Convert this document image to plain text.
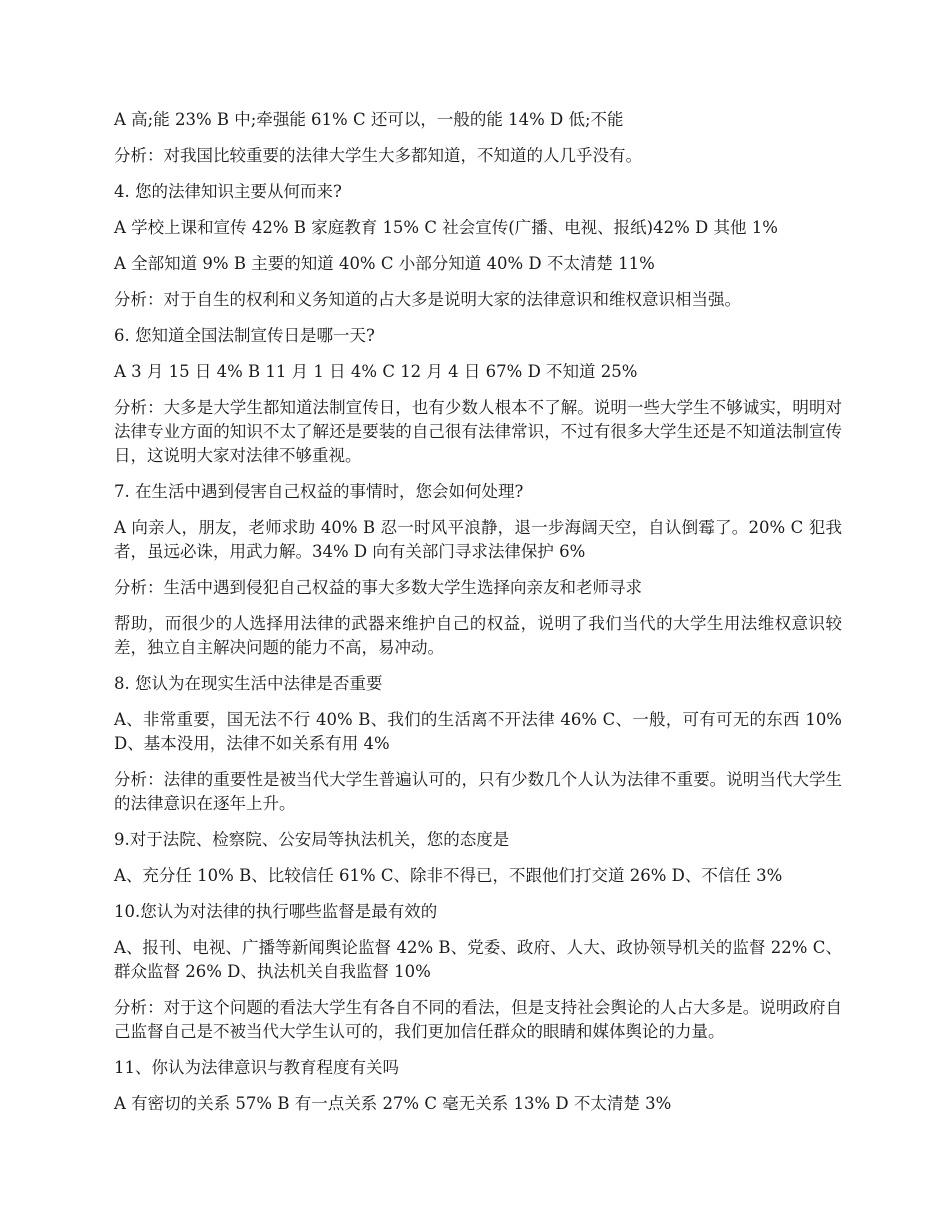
A 高;能 23% B 中;牵强能 61% C 还可以，一般的能 14% D 低;不能

分析：对我国比较重要的法律大学生大多都知道，不知道的人几乎没有。

4. 您的法律知识主要从何而来?

A 学校上课和宣传 42% B 家庭教育 15% C 社会宣传(广播、电视、报纸)42% D 其他 1%

A 全部知道 9% B 主要的知道 40% C 小部分知道 40% D 不太清楚 11%

分析：对于自生的权利和义务知道的占大多是说明大家的法律意识和维权意识相当强。

6. 您知道全国法制宣传日是哪一天?

A 3 月 15 日 4% B 11 月 1 日 4% C 12 月 4 日 67% D 不知道 25%

分析：大多是大学生都知道法制宣传日，也有少数人根本不了解。说明一些大学生不够诚实，明明对法律专业方面的知识不太了解还是要装的自己很有法律常识，不过有很多大学生还是不知道法制宣传日，这说明大家对法律不够重视。

7. 在生活中遇到侵害自己权益的事情时，您会如何处理?

A 向亲人，朋友，老师求助 40% B 忍一时风平浪静，退一步海阔天空，自认倒霉了。20% C 犯我者，虽远必诛，用武力解。34% D 向有关部门寻求法律保护 6%

分析：生活中遇到侵犯自己权益的事大多数大学生选择向亲友和老师寻求

帮助，而很少的人选择用法律的武器来维护自己的权益，说明了我们当代的大学生用法维权意识较差，独立自主解决问题的能力不高，易冲动。

8. 您认为在现实生活中法律是否重要

A、非常重要，国无法不行 40% B、我们的生活离不开法律 46% C、一般，可有可无的东西 10% D、基本没用，法律不如关系有用 4%

分析：法律的重要性是被当代大学生普遍认可的，只有少数几个人认为法律不重要。说明当代大学生的法律意识在逐年上升。

9.对于法院、检察院、公安局等执法机关，您的态度是

A、充分任 10% B、比较信任 61% C、除非不得已，不跟他们打交道 26% D、不信任 3%

10.您认为对法律的执行哪些监督是最有效的

A、报刊、电视、广播等新闻舆论监督 42% B、党委、政府、人大、政协领导机关的监督 22% C、群众监督 26% D、执法机关自我监督 10%

分析：对于这个问题的看法大学生有各自不同的看法，但是支持社会舆论的人占大多是。说明政府自己监督自己是不被当代大学生认可的，我们更加信任群众的眼睛和媒体舆论的力量。

11、你认为法律意识与教育程度有关吗

A 有密切的关系 57% B 有一点关系 27% C 毫无关系 13% D 不太清楚 3%
